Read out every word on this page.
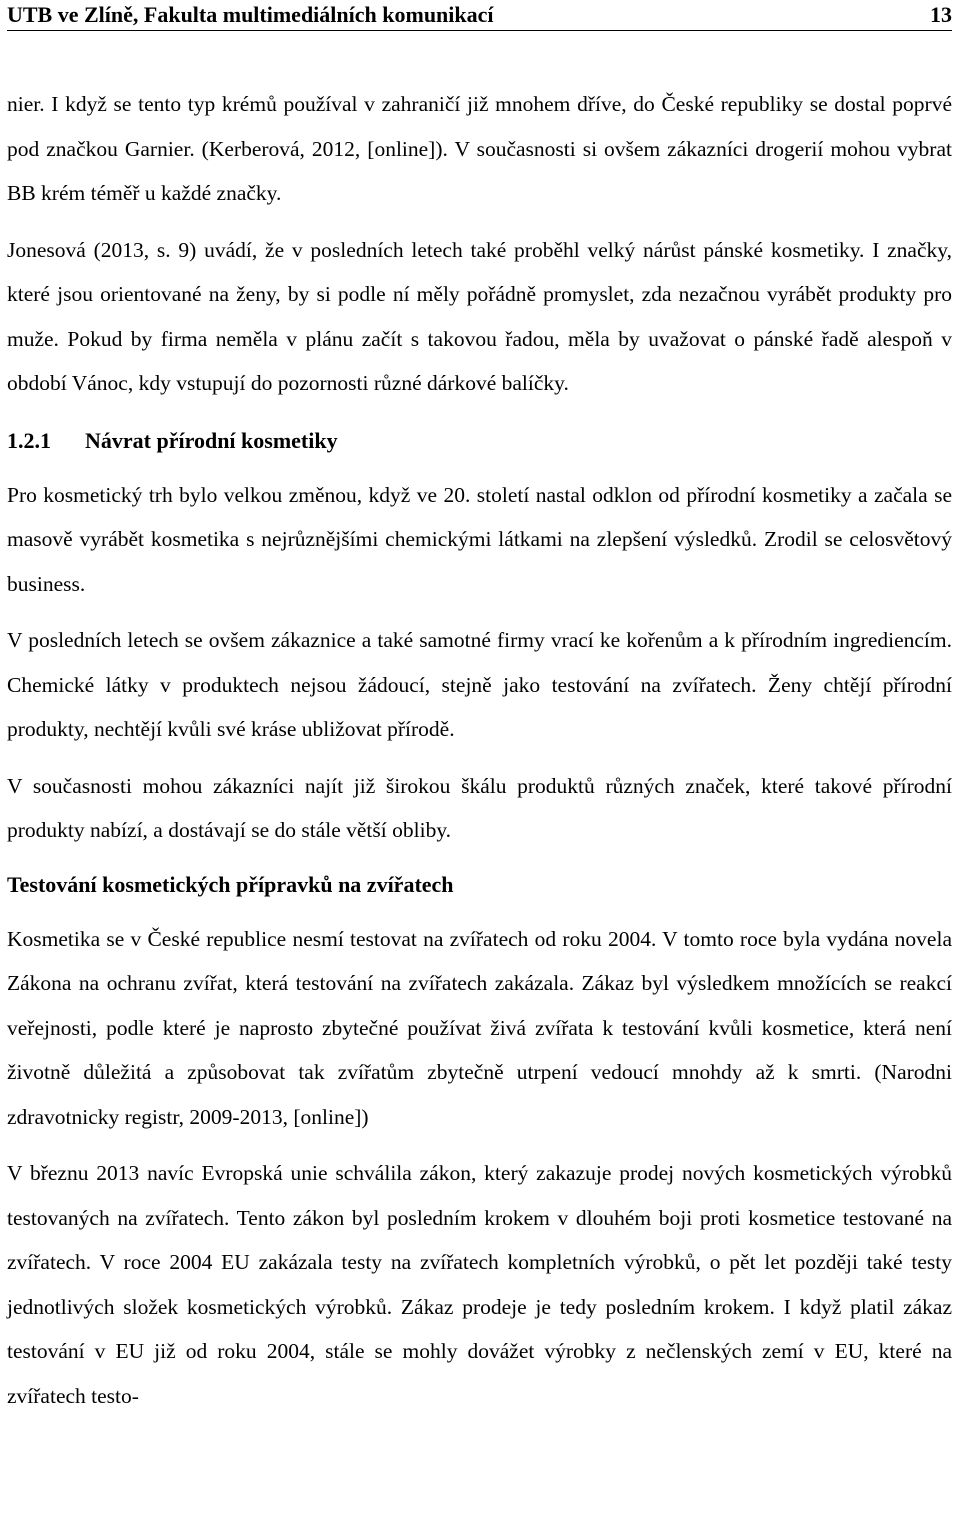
UTB ve Zlíně, Fakulta multimediálních komunikací	13

nier. I když se tento typ krémů používal v zahraničí již mnohem dříve, do České republiky se dostal poprvé pod značkou Garnier. (Kerberová, 2012, [online]). V současnosti si ovšem zákazníci drogerií mohou vybrat BB krém téměř u každé značky.

Jonesová (2013, s. 9) uvádí, že v posledních letech také proběhl velký nárůst pánské kosmetiky. I značky, které jsou orientované na ženy, by si podle ní měly pořádně promyslet, zda nezačnou vyrábět produkty pro muže. Pokud by firma neměla v plánu začít s takovou řadou, měla by uvažovat o pánské řadě alespoň v období Vánoc, kdy vstupují do pozornosti různé dárkové balíčky.

1.2.1 Návrat přírodní kosmetiky

Pro kosmetický trh bylo velkou změnou, když ve 20. století nastal odklon od přírodní kosmetiky a začala se masově vyrábět kosmetika s nejrůznějšími chemickými látkami na zlepšení výsledků. Zrodil se celosvětový business.

V posledních letech se ovšem zákaznice a také samotné firmy vrací ke kořenům a k přírodním ingrediencím. Chemické látky v produktech nejsou žádoucí, stejně jako testování na zvířatech. Ženy chtějí přírodní produkty, nechtějí kvůli své kráse ubližovat přírodě.

V současnosti mohou zákazníci najít již širokou škálu produktů různých značek, které takové přírodní produkty nabízí, a dostávají se do stále větší obliby.

Testování kosmetických přípravků na zvířatech

Kosmetika se v České republice nesmí testovat na zvířatech od roku 2004. V tomto roce byla vydána novela Zákona na ochranu zvířat, která testování na zvířatech zakázala. Zákaz byl výsledkem množících se reakcí veřejnosti, podle které je naprosto zbytečné používat živá zvířata k testování kvůli kosmetice, která není životně důležitá a způsobovat tak zvířatům zbytečně utrpení vedoucí mnohdy až k smrti. (Narodni zdravotnicky registr, 2009-2013, [online])

V březnu 2013 navíc Evropská unie schválila zákon, který zakazuje prodej nových kosmetických výrobků testovaných na zvířatech. Tento zákon byl posledním krokem v dlouhém boji proti kosmetice testované na zvířatech. V roce 2004 EU zakázala testy na zvířatech kompletních výrobků, o pět let později také testy jednotlivých složek kosmetických výrobků. Zákaz prodeje je tedy posledním krokem. I když platil zákaz testování v EU již od roku 2004, stále se mohly dovážet výrobky z nečlenských zemí v EU, které na zvířatech testo-
